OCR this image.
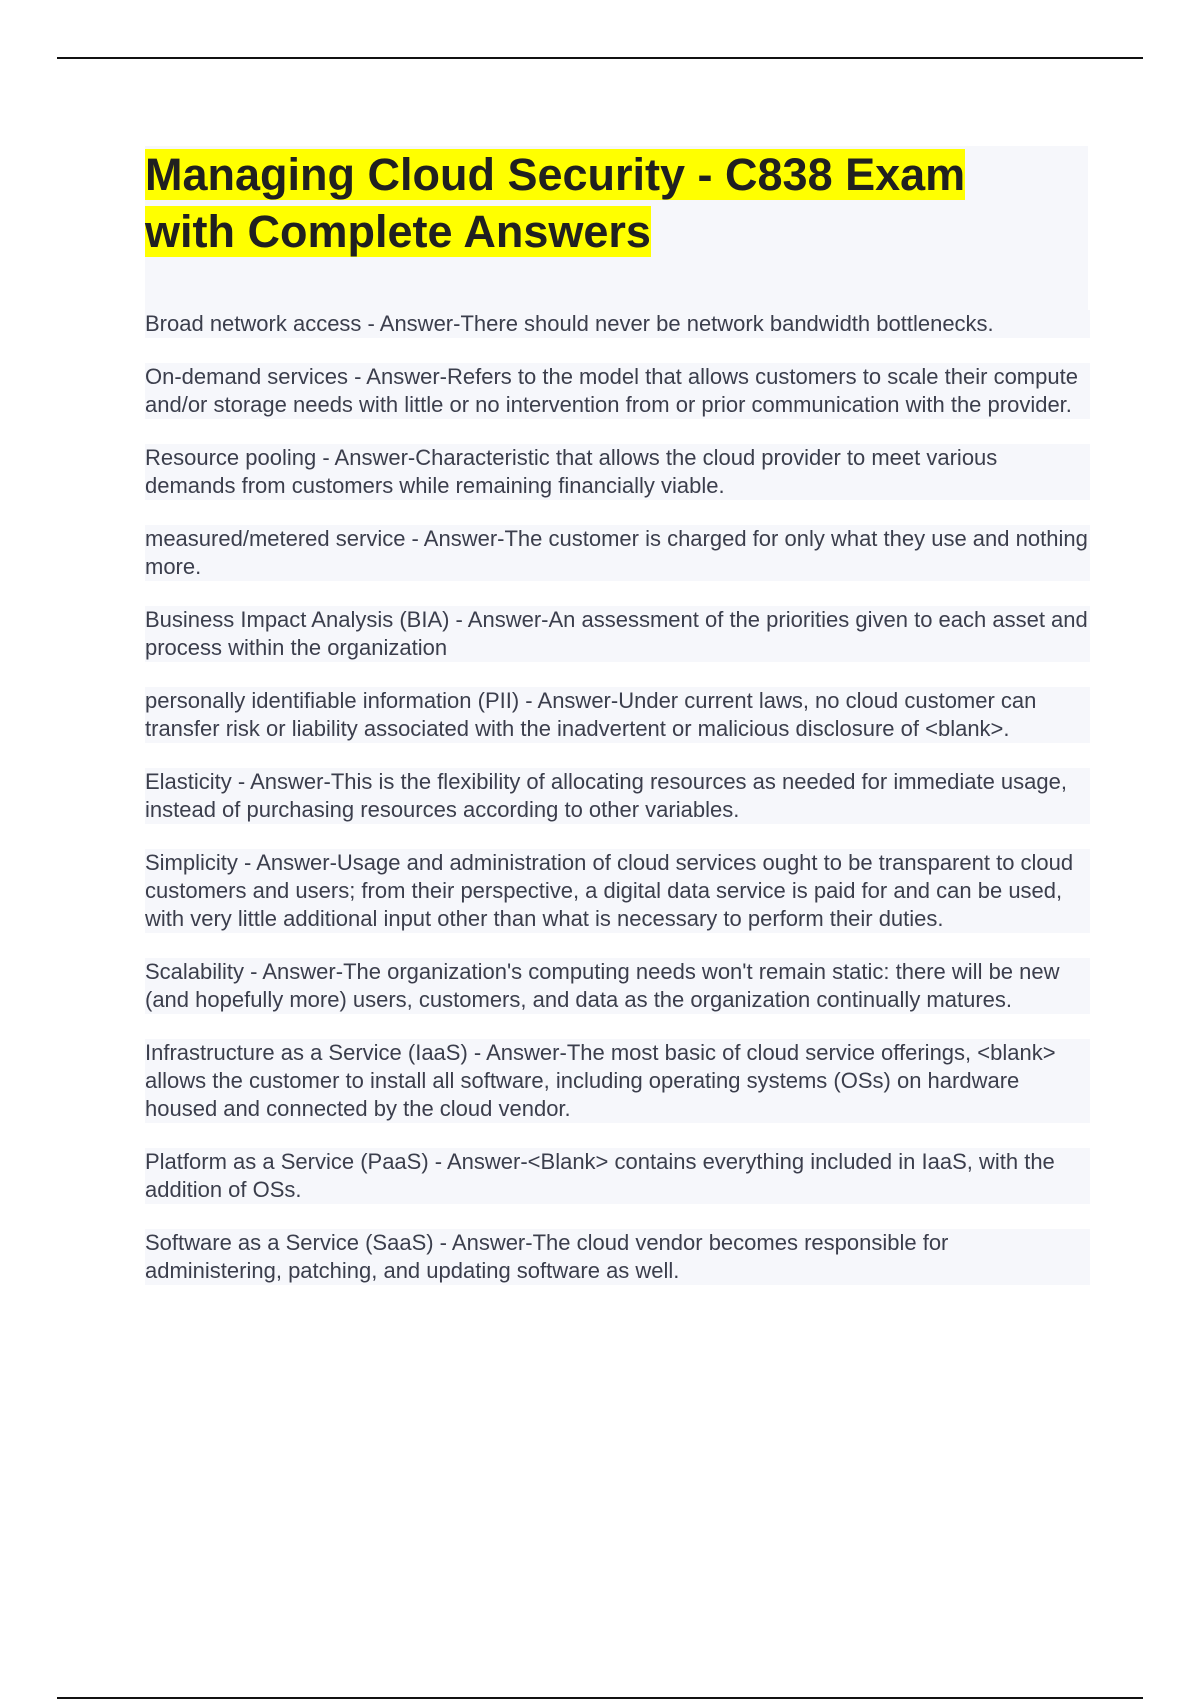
Managing Cloud Security - C838 Exam with Complete Answers

Broad network access - Answer-There should never be network bandwidth bottlenecks.

On-demand services - Answer-Refers to the model that allows customers to scale their compute and/or storage needs with little or no intervention from or prior communication with the provider.

Resource pooling - Answer-Characteristic that allows the cloud provider to meet various demands from customers while remaining financially viable.

measured/metered service - Answer-The customer is charged for only what they use and nothing more.

Business Impact Analysis (BIA) - Answer-An assessment of the priorities given to each asset and process within the organization

personally identifiable information (PII) - Answer-Under current laws, no cloud customer can transfer risk or liability associated with the inadvertent or malicious disclosure of <blank>.

Elasticity - Answer-This is the flexibility of allocating resources as needed for immediate usage, instead of purchasing resources according to other variables.

Simplicity - Answer-Usage and administration of cloud services ought to be transparent to cloud customers and users; from their perspective, a digital data service is paid for and can be used, with very little additional input other than what is necessary to perform their duties.

Scalability - Answer-The organization's computing needs won't remain static: there will be new (and hopefully more) users, customers, and data as the organization continually matures.

Infrastructure as a Service (IaaS) - Answer-The most basic of cloud service offerings, <blank> allows the customer to install all software, including operating systems (OSs) on hardware housed and connected by the cloud vendor.

Platform as a Service (PaaS) - Answer-<Blank> contains everything included in IaaS, with the addition of OSs.

Software as a Service (SaaS) - Answer-The cloud vendor becomes responsible for administering, patching, and updating software as well.
